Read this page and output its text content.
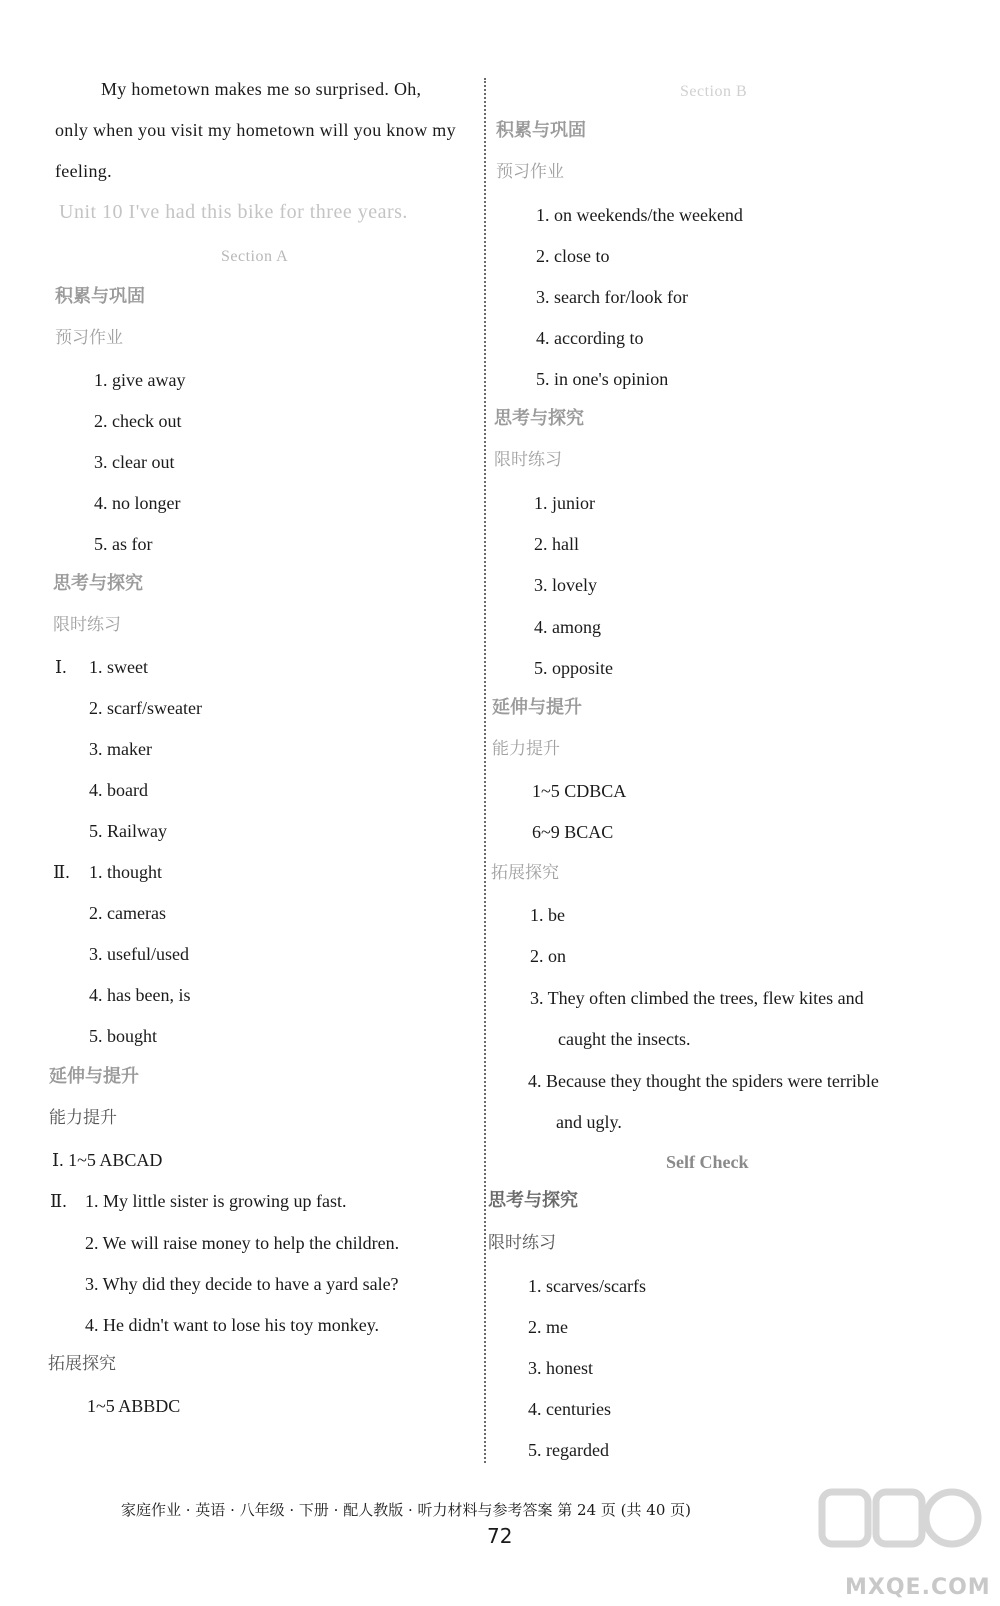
My hometown makes me so surprised. Oh,
only when you visit my hometown will you know my
feeling.
Unit 10 I've had this bike for three years.
Section A
积累与巩固
预习作业
1. give away
2. check out
3. clear out
4. no longer
5. as for
思考与探究
限时练习
Ⅰ. 1. sweet
2. scarf/sweater
3. maker
4. board
5. Railway
Ⅱ. 1. thought
2. cameras
3. useful/used
4. has been, is
5. bought
延伸与提升
能力提升
Ⅰ. 1~5 ABCAD
Ⅱ. 1. My little sister is growing up fast.
2. We will raise money to help the children.
3. Why did they decide to have a yard sale?
4. He didn't want to lose his toy monkey.
拓展探究
1~5 ABBDC
Section B
积累与巩固
预习作业
1. on weekends/the weekend
2. close to
3. search for/look for
4. according to
5. in one's opinion
思考与探究
限时练习
1. junior
2. hall
3. lovely
4. among
5. opposite
延伸与提升
能力提升
1~5 CDBCA
6~9 BCAC
拓展探究
1. be
2. on
3. They often climbed the trees, flew kites and
caught the insects.
4. Because they thought the spiders were terrible
and ugly.
Self Check
思考与探究
限时练习
1. scarves/scarfs
2. me
3. honest
4. centuries
5. regarded
家庭作业 · 英语 · 八年级 · 下册 · 配人教版 · 听力材料与参考答案 第 24 页 (共 40 页)
72
MXQE.COM
